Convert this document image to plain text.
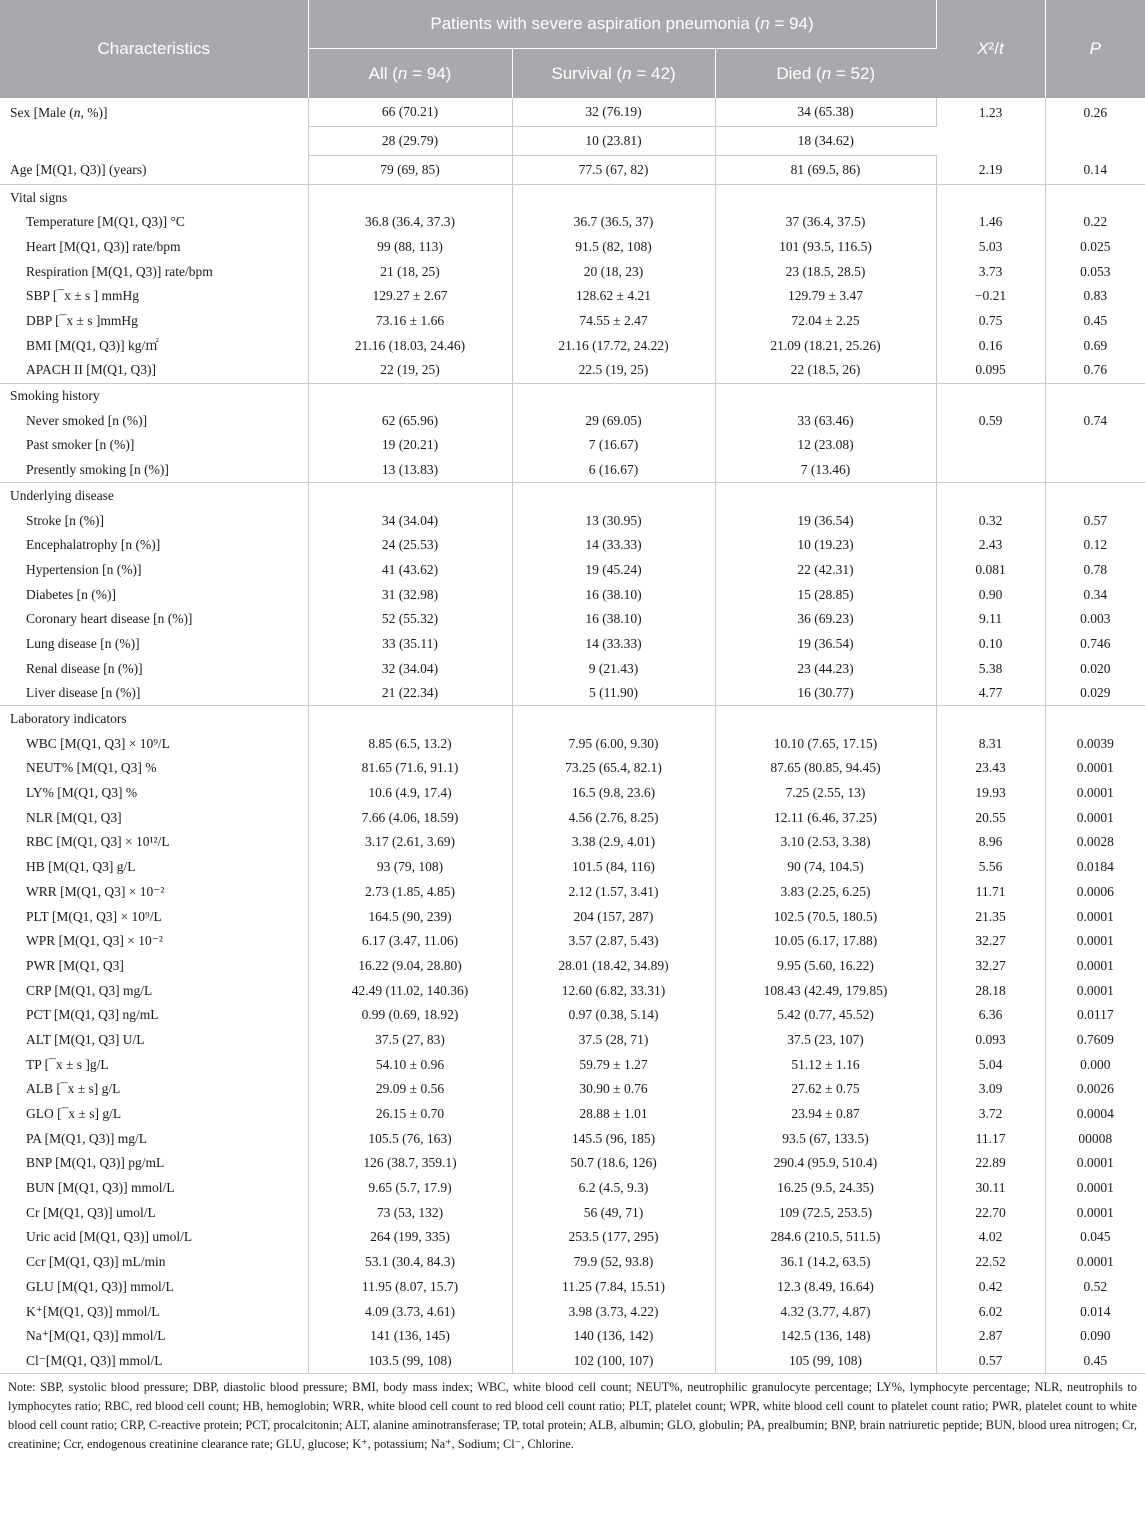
Characteristics	Patients with severe aspiration pneumonia (n = 94)			X²/t	P
	All (n = 94)	Survival (n = 42)	Died (n = 52)		
Sex [Male (n, %)]	66 (70.21)	32 (76.19)	34 (65.38)	1.23	0.26
	28 (29.79)	10 (23.81)	18 (34.62)		
Age [M(Q1, Q3)] (years)	79 (69, 85)	77.5 (67, 82)	81 (69.5, 86)	2.19	0.14
Vital signs					
Temperature [M(Q1, Q3)] °C	36.8 (36.4, 37.3)	36.7 (36.5, 37)	37 (36.4, 37.5)	1.46	0.22
Heart [M(Q1, Q3)] rate/bpm	99 (88, 113)	91.5 (82, 108)	101 (93.5, 116.5)	5.03	0.025
Respiration [M(Q1, Q3)] rate/bpm	21 (18, 25)	20 (18, 23)	23 (18.5, 28.5)	3.73	0.053
SBP [¯x ± s ] mmHg	129.27 ± 2.67	128.62 ± 4.21	129.79 ± 3.47	−0.21	0.83
DBP [¯x ± s ]mmHg	73.16 ± 1.66	74.55 ± 2.47	72.04 ± 2.25	0.75	0.45
BMI [M(Q1, Q3)] kg/㎡	21.16 (18.03, 24.46)	21.16 (17.72, 24.22)	21.09 (18.21, 25.26)	0.16	0.69
APACH II [M(Q1, Q3)]	22 (19, 25)	22.5 (19, 25)	22 (18.5, 26)	0.095	0.76
Smoking history					
Never smoked [n (%)]	62 (65.96)	29 (69.05)	33 (63.46)	0.59	0.74
Past smoker [n (%)]	19 (20.21)	7 (16.67)	12 (23.08)		
Presently smoking [n (%)]	13 (13.83)	6 (16.67)	7 (13.46)		
Underlying disease					
Stroke [n (%)]	34 (34.04)	13 (30.95)	19 (36.54)	0.32	0.57
Encephalatrophy [n (%)]	24 (25.53)	14 (33.33)	10 (19.23)	2.43	0.12
Hypertension [n (%)]	41 (43.62)	19 (45.24)	22 (42.31)	0.081	0.78
Diabetes [n (%)]	31 (32.98)	16 (38.10)	15 (28.85)	0.90	0.34
Coronary heart disease [n (%)]	52 (55.32)	16 (38.10)	36 (69.23)	9.11	0.003
Lung disease [n (%)]	33 (35.11)	14 (33.33)	19 (36.54)	0.10	0.746
Renal disease [n (%)]	32 (34.04)	9 (21.43)	23 (44.23)	5.38	0.020
Liver disease [n (%)]	21 (22.34)	5 (11.90)	16 (30.77)	4.77	0.029
Laboratory indicators					
WBC [M(Q1, Q3] × 10⁹/L	8.85 (6.5, 13.2)	7.95 (6.00, 9.30)	10.10 (7.65, 17.15)	8.31	0.0039
NEUT% [M(Q1, Q3] %	81.65 (71.6, 91.1)	73.25 (65.4, 82.1)	87.65 (80.85, 94.45)	23.43	0.0001
LY% [M(Q1, Q3] %	10.6 (4.9, 17.4)	16.5 (9.8, 23.6)	7.25 (2.55, 13)	19.93	0.0001
NLR [M(Q1, Q3]	7.66 (4.06, 18.59)	4.56 (2.76, 8.25)	12.11 (6.46, 37.25)	20.55	0.0001
RBC [M(Q1, Q3] × 10¹²/L	3.17 (2.61, 3.69)	3.38 (2.9, 4.01)	3.10 (2.53, 3.38)	8.96	0.0028
HB [M(Q1, Q3] g/L	93 (79, 108)	101.5 (84, 116)	90 (74, 104.5)	5.56	0.0184
WRR [M(Q1, Q3] × 10⁻²	2.73 (1.85, 4.85)	2.12 (1.57, 3.41)	3.83 (2.25, 6.25)	11.71	0.0006
PLT [M(Q1, Q3] × 10⁹/L	164.5 (90, 239)	204 (157, 287)	102.5 (70.5, 180.5)	21.35	0.0001
WPR [M(Q1, Q3] × 10⁻²	6.17 (3.47, 11.06)	3.57 (2.87, 5.43)	10.05 (6.17, 17.88)	32.27	0.0001
PWR [M(Q1, Q3]	16.22 (9.04, 28.80)	28.01 (18.42, 34.89)	9.95 (5.60, 16.22)	32.27	0.0001
CRP [M(Q1, Q3] mg/L	42.49 (11.02, 140.36)	12.60 (6.82, 33.31)	108.43 (42.49, 179.85)	28.18	0.0001
PCT [M(Q1, Q3] ng/mL	0.99 (0.69, 18.92)	0.97 (0.38, 5.14)	5.42 (0.77, 45.52)	6.36	0.0117
ALT [M(Q1, Q3] U/L	37.5 (27, 83)	37.5 (28, 71)	37.5 (23, 107)	0.093	0.7609
TP [¯x ± s ]g/L	54.10 ± 0.96	59.79 ± 1.27	51.12 ± 1.16	5.04	0.000
ALB [¯x ± s] g/L	29.09 ± 0.56	30.90 ± 0.76	27.62 ± 0.75	3.09	0.0026
GLO [¯x ± s] g/L	26.15 ± 0.70	28.88 ± 1.01	23.94 ± 0.87	3.72	0.0004
PA [M(Q1, Q3)] mg/L	105.5 (76, 163)	145.5 (96, 185)	93.5 (67, 133.5)	11.17	00008
BNP [M(Q1, Q3)] pg/mL	126 (38.7, 359.1)	50.7 (18.6, 126)	290.4 (95.9, 510.4)	22.89	0.0001
BUN [M(Q1, Q3)] mmol/L	9.65 (5.7, 17.9)	6.2 (4.5, 9.3)	16.25 (9.5, 24.35)	30.11	0.0001
Cr [M(Q1, Q3)] umol/L	73 (53, 132)	56 (49, 71)	109 (72.5, 253.5)	22.70	0.0001
Uric acid [M(Q1, Q3)] umol/L	264 (199, 335)	253.5 (177, 295)	284.6 (210.5, 511.5)	4.02	0.045
Ccr [M(Q1, Q3)] mL/min	53.1 (30.4, 84.3)	79.9 (52, 93.8)	36.1 (14.2, 63.5)	22.52	0.0001
GLU [M(Q1, Q3)] mmol/L	11.95 (8.07, 15.7)	11.25 (7.84, 15.51)	12.3 (8.49, 16.64)	0.42	0.52
K⁺[M(Q1, Q3)] mmol/L	4.09 (3.73, 4.61)	3.98 (3.73, 4.22)	4.32 (3.77, 4.87)	6.02	0.014
Na⁺[M(Q1, Q3)] mmol/L	141 (136, 145)	140 (136, 142)	142.5 (136, 148)	2.87	0.090
Cl⁻[M(Q1, Q3)] mmol/L	103.5 (99, 108)	102 (100, 107)	105 (99, 108)	0.57	0.45
Note: SBP, systolic blood pressure; DBP, diastolic blood pressure; BMI, body mass index; WBC, white blood cell count; NEUT%, neutrophilic granulocyte percentage; LY%, lymphocyte percentage; NLR, neutrophils to lymphocytes ratio; RBC, red blood cell count; HB, hemoglobin; WRR, white blood cell count to red blood cell count ratio; PLT, platelet count; WPR, white blood cell count to platelet count ratio; PWR, platelet count to white blood cell count ratio; CRP, C-reactive protein; PCT, procalcitonin; ALT, alanine aminotransferase; TP, total protein; ALB, albumin; GLO, globulin; PA, prealbumin; BNP, brain natriuretic peptide; BUN, blood urea nitrogen; Cr, creatinine; Ccr, endogenous creatinine clearance rate; GLU, glucose; K⁺, potassium; Na⁺, Sodium; Cl⁻, Chlorine.
